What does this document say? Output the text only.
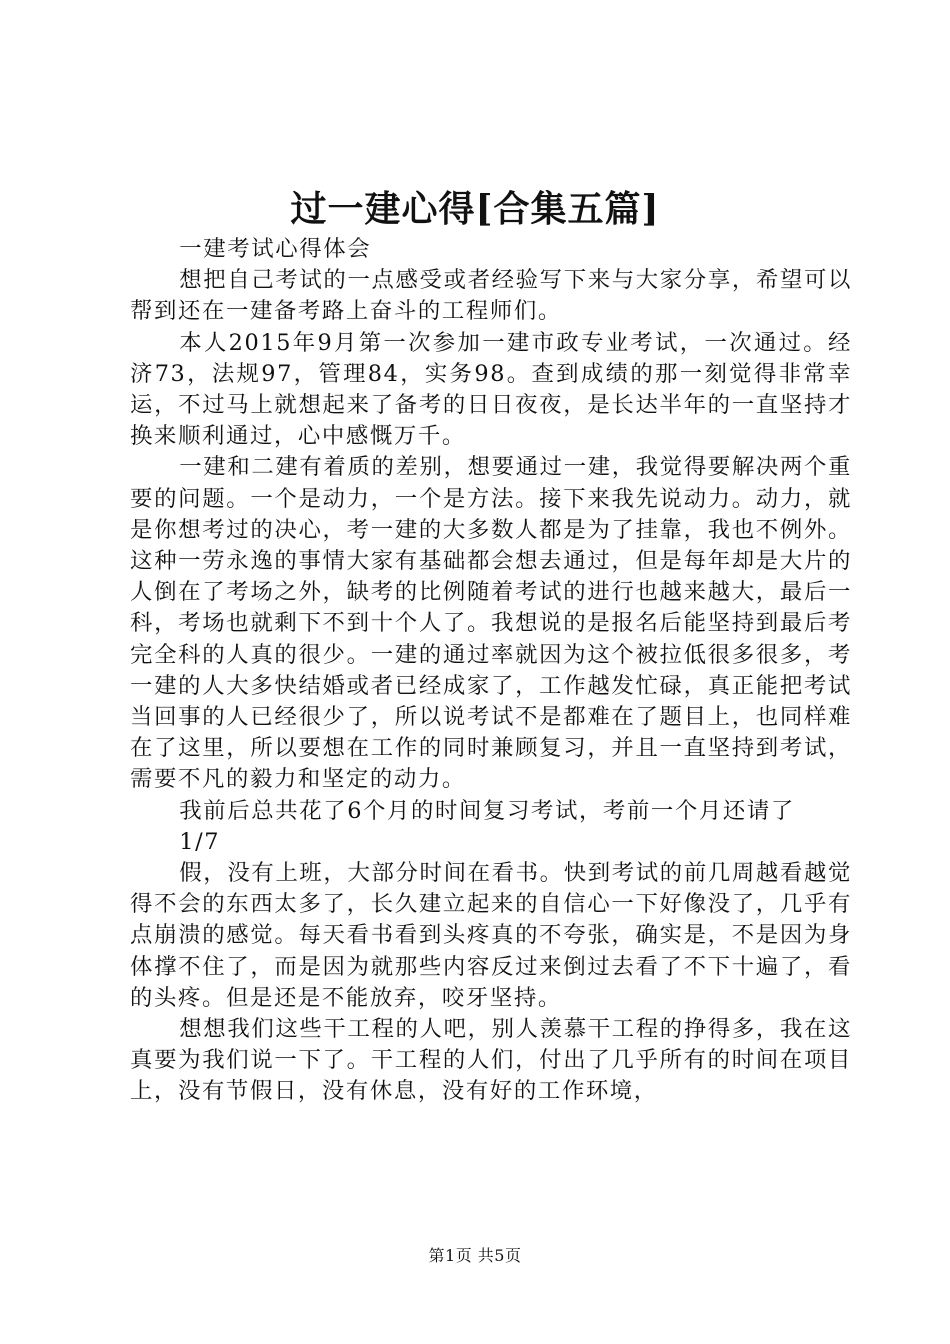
过一建心得[合集五篇]

一建考试心得体会

想把自己考试的一点感受或者经验写下来与大家分享，希望可以帮到还在一建备考路上奋斗的工程师们。

本人2015年9月第一次参加一建市政专业考试，一次通过。经济73，法规97，管理84，实务98。查到成绩的那一刻觉得非常幸运，不过马上就想起来了备考的日日夜夜，是长达半年的一直坚持才换来顺利通过，心中感慨万千。

一建和二建有着质的差别，想要通过一建，我觉得要解决两个重要的问题。一个是动力，一个是方法。接下来我先说动力。动力，就是你想考过的决心，考一建的大多数人都是为了挂靠，我也不例外。这种一劳永逸的事情大家有基础都会想去通过，但是每年却是大片的人倒在了考场之外，缺考的比例随着考试的进行也越来越大，最后一科，考场也就剩下不到十个人了。我想说的是报名后能坚持到最后考完全科的人真的很少。一建的通过率就因为这个被拉低很多很多，考一建的人大多快结婚或者已经成家了，工作越发忙碌，真正能把考试当回事的人已经很少了，所以说考试不是都难在了题目上，也同样难在了这里，所以要想在工作的同时兼顾复习，并且一直坚持到考试，需要不凡的毅力和坚定的动力。

我前后总共花了6个月的时间复习考试，考前一个月还请了

1/7

假，没有上班，大部分时间在看书。快到考试的前几周越看越觉得不会的东西太多了，长久建立起来的自信心一下好像没了，几乎有点崩溃的感觉。每天看书看到头疼真的不夸张，确实是，不是因为身体撑不住了，而是因为就那些内容反过来倒过去看了不下十遍了，看的头疼。但是还是不能放弃，咬牙坚持。

想想我们这些干工程的人吧，别人羡慕干工程的挣得多，我在这真要为我们说一下了。干工程的人们，付出了几乎所有的时间在项目上，没有节假日，没有休息，没有好的工作环境，

第1页 共5页
